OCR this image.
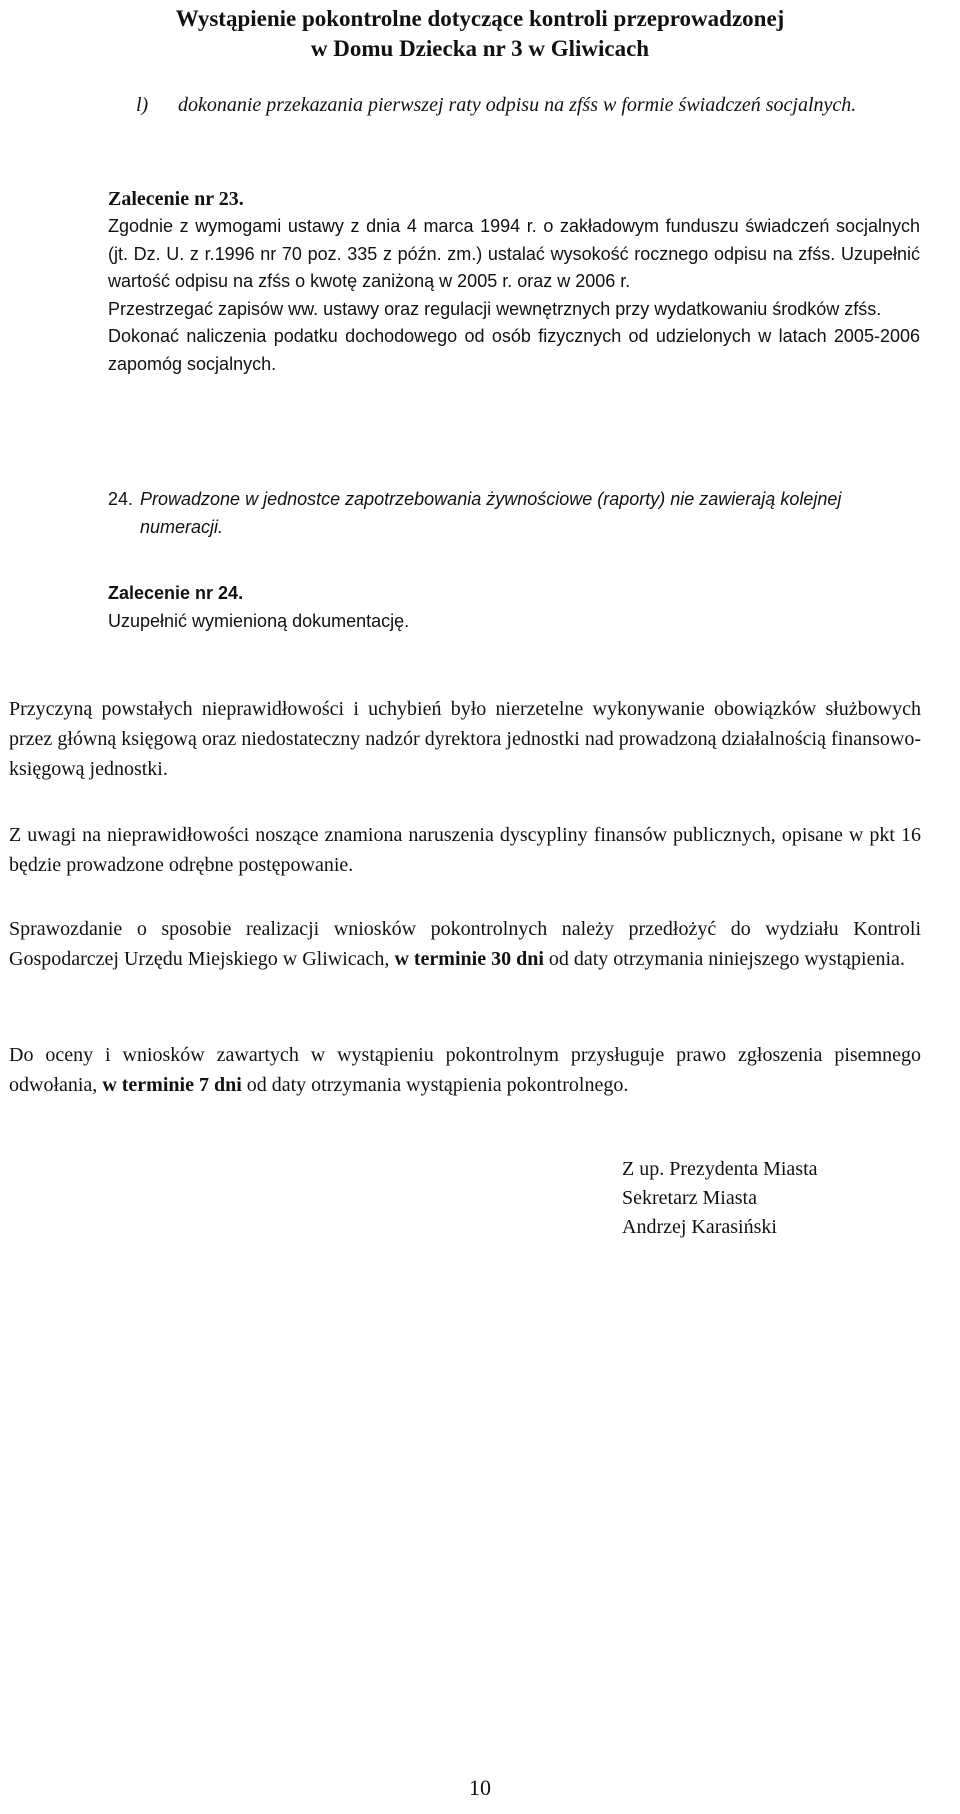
Wystąpienie pokontrolne dotyczące kontroli przeprowadzonej
w Domu Dziecka nr 3 w Gliwicach
l)	dokonanie przekazania pierwszej raty odpisu na zfśs w formie świadczeń socjalnych.
Zalecenie nr 23.

Zgodnie z wymogami ustawy z dnia 4 marca 1994 r. o zakładowym funduszu świadczeń socjalnych (jt. Dz. U. z r.1996 nr 70 poz. 335 z późn. zm.) ustalać wysokość rocznego odpisu na zfśs. Uzupełnić wartość odpisu na zfśs o kwotę zaniżoną w 2005 r. oraz w 2006 r.

Przestrzegać zapisów ww. ustawy oraz regulacji wewnętrznych przy wydatkowaniu środków zfśs.

Dokonać naliczenia podatku dochodowego od osób fizycznych od udzielonych w latach 2005-2006 zapomóg socjalnych.

24. Prowadzone w jednostce zapotrzebowania żywnościowe (raporty) nie zawierają kolejnej numeracji.
Zalecenie nr 24.
Uzupełnić wymienioną dokumentację.
Przyczyną powstałych nieprawidłowości i uchybień było nierzetelne wykonywanie obowiązków służbowych przez główną księgową oraz niedostateczny nadzór dyrektora jednostki nad prowadzoną działalnością finansowo- księgową jednostki.
Z uwagi na nieprawidłowości noszące znamiona naruszenia dyscypliny finansów publicznych, opisane w pkt 16 będzie prowadzone odrębne postępowanie.
Sprawozdanie o sposobie realizacji wniosków pokontrolnych należy przedłożyć do wydziału Kontroli Gospodarczej Urzędu Miejskiego w Gliwicach, w terminie 30 dni od daty otrzymania niniejszego wystąpienia.
Do oceny i wniosków zawartych w wystąpieniu pokontrolnym przysługuje prawo zgłoszenia pisemnego odwołania, w terminie 7 dni od daty otrzymania wystąpienia pokontrolnego.
Z up. Prezydenta Miasta
Sekretarz Miasta
Andrzej Karasiński
10
